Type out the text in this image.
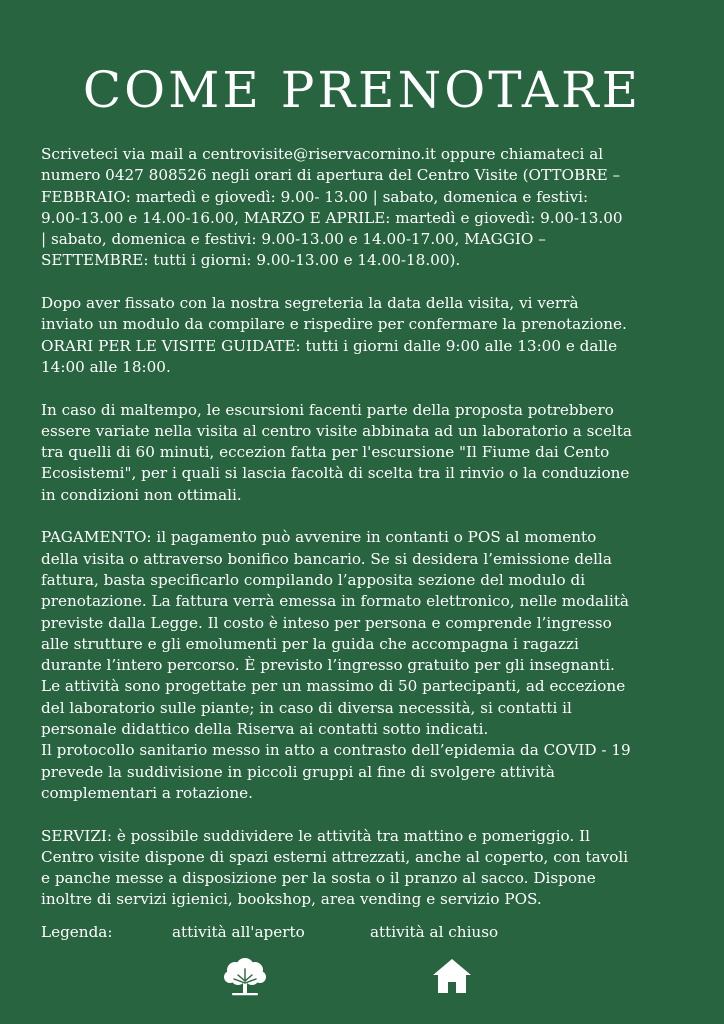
COME PRENOTARE

Scriveteci via mail a centrovisite@riservacornino.it oppure chiamateci al
numero 0427 808526 negli orari di apertura del Centro Visite (OTTOBRE –
FEBBRAIO: martedì e giovedì: 9.00- 13.00 | sabato, domenica e festivi:
9.00-13.00 e 14.00-16.00, MARZO E APRILE: martedì e giovedì: 9.00-13.00
| sabato, domenica e festivi: 9.00-13.00 e 14.00-17.00, MAGGIO –
SETTEMBRE: tutti i giorni: 9.00-13.00 e 14.00-18.00).

Dopo aver fissato con la nostra segreteria la data della visita, vi verrà
inviato un modulo da compilare e rispedire per confermare la prenotazione.
ORARI PER LE VISITE GUIDATE: tutti i giorni dalle 9:00 alle 13:00 e dalle
14:00 alle 18:00.

In caso di maltempo, le escursioni facenti parte della proposta potrebbero
essere variate nella visita al centro visite abbinata ad un laboratorio a scelta
tra quelli di 60 minuti, eccezion fatta per l'escursione "Il Fiume dai Cento
Ecosistemi", per i quali si lascia facoltà di scelta tra il rinvio o la conduzione
in condizioni non ottimali.

PAGAMENTO: il pagamento può avvenire in contanti o POS al momento
della visita o attraverso bonifico bancario. Se si desidera l’emissione della
fattura, basta specificarlo compilando l’apposita sezione del modulo di
prenotazione. La fattura verrà emessa in formato elettronico, nelle modalità
previste dalla Legge. Il costo è inteso per persona e comprende l’ingresso
alle strutture e gli emolumenti per la guida che accompagna i ragazzi
durante l’intero percorso. È previsto l’ingresso gratuito per gli insegnanti.
Le attività sono progettate per un massimo di 50 partecipanti, ad eccezione
del laboratorio sulle piante; in caso di diversa necessità, si contatti il
personale didattico della Riserva ai contatti sotto indicati.
Il protocollo sanitario messo in atto a contrasto dell’epidemia da COVID - 19
prevede la suddivisione in piccoli gruppi al fine di svolgere attività
complementari a rotazione.

SERVIZI: è possibile suddividere le attività tra mattino e pomeriggio. Il
Centro visite dispone di spazi esterni attrezzati, anche al coperto, con tavoli
e panche messe a disposizione per la sosta o il pranzo al sacco. Dispone
inoltre di servizi igienici, bookshop, area vending e servizio POS.

Legenda:	attività all'aperto	attività al chiuso
